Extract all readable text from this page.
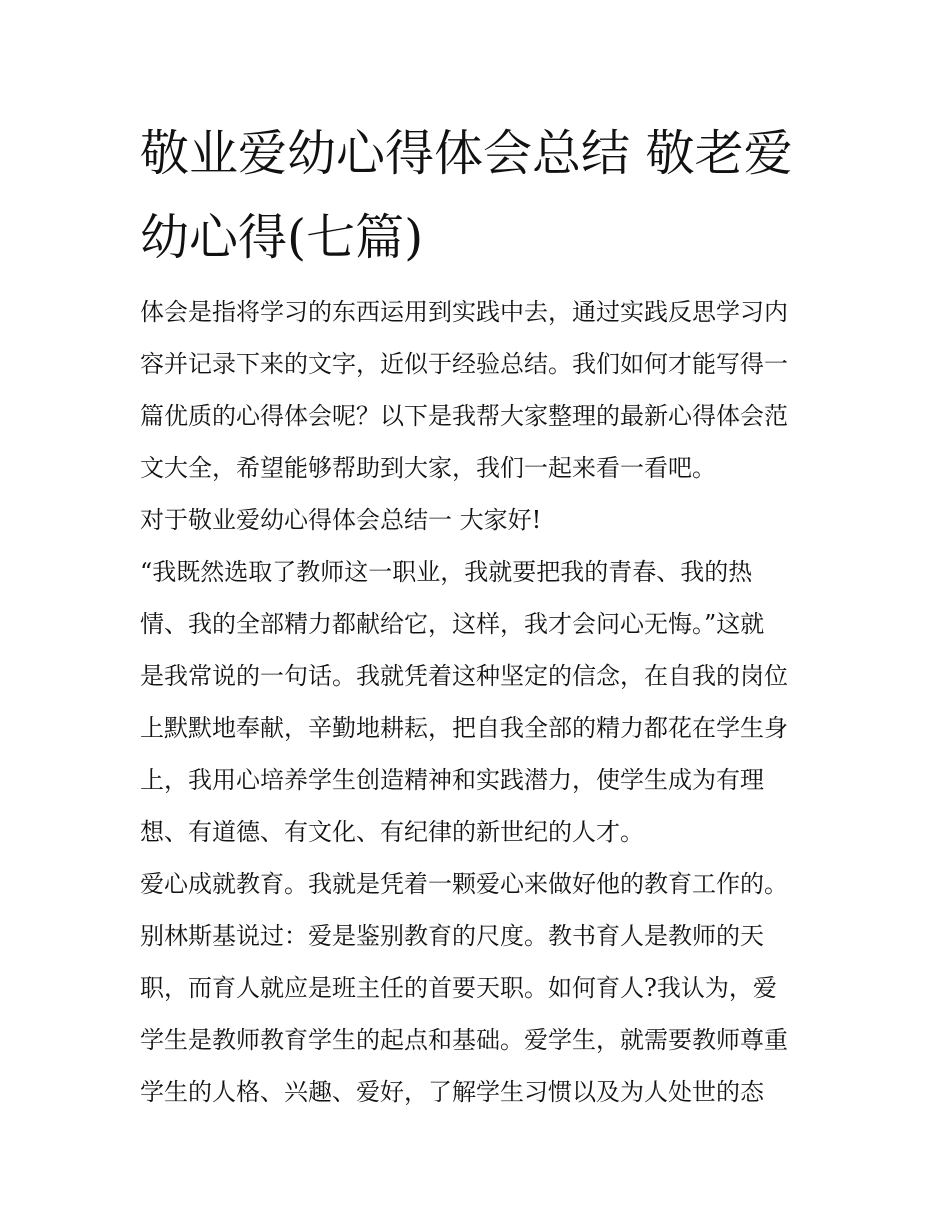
敬业爱幼心得体会总结 敬老爱
幼心得(七篇)

体会是指将学习的东西运用到实践中去，通过实践反思学习内
容并记录下来的文字，近似于经验总结。我们如何才能写得一
篇优质的心得体会呢？以下是我帮大家整理的最新心得体会范
文大全，希望能够帮助到大家，我们一起来看一看吧。

对于敬业爱幼心得体会总结一 大家好!

“我既然选取了教师这一职业，我就要把我的青春、我的热
情、我的全部精力都献给它，这样，我才会问心无悔。”这就
是我常说的一句话。我就凭着这种坚定的信念，在自我的岗位
上默默地奉献，辛勤地耕耘，把自我全部的精力都花在学生身
上，我用心培养学生创造精神和实践潜力，使学生成为有理
想、有道德、有文化、有纪律的新世纪的人才。

爱心成就教育。我就是凭着一颗爱心来做好他的教育工作的。
别林斯基说过：爱是鉴别教育的尺度。教书育人是教师的天
职，而育人就应是班主任的首要天职。如何育人?我认为，爱
学生是教师教育学生的起点和基础。爱学生，就需要教师尊重
学生的人格、兴趣、爱好，了解学生习惯以及为人处世的态
